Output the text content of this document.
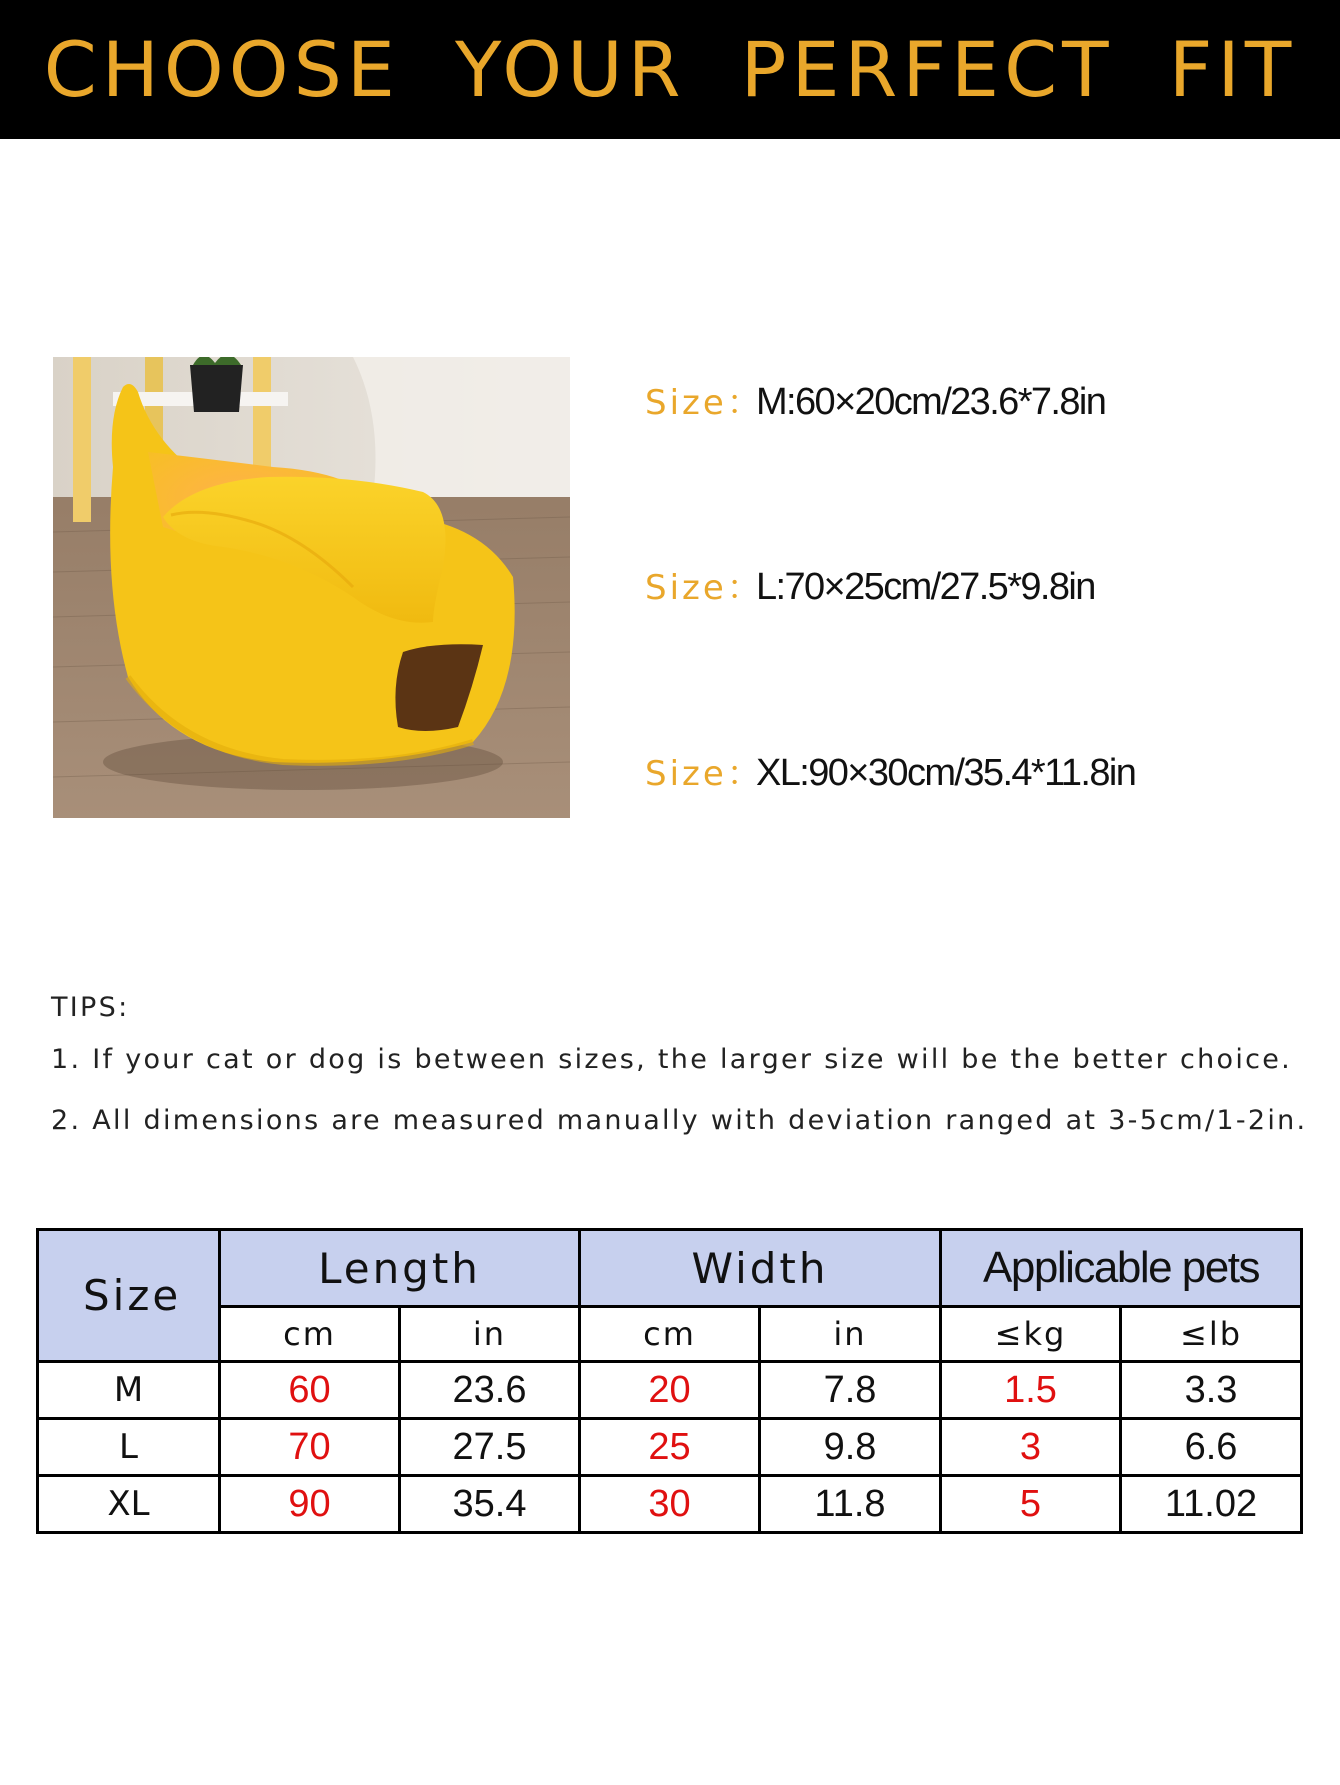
CHOOSE YOUR PERFECT FIT
Size：
M:60×20cm/23.6*7.8in
Size：
L:70×25cm/27.5*9.8in
Size：
XL:90×30cm/35.4*11.8in
TIPS:
1. If your cat or dog is between sizes, the larger size will be the better choice.
2. All dimensions are measured manually with deviation ranged at 3-5cm/1-2in.
Size	Length		Width		Applicable pets	
	cm	in	cm	in	≤kg	≤lb
M	60	23.6	20	7.8	1.5	3.3
L	70	27.5	25	9.8	3	6.6
XL	90	35.4	30	11.8	5	11.02
